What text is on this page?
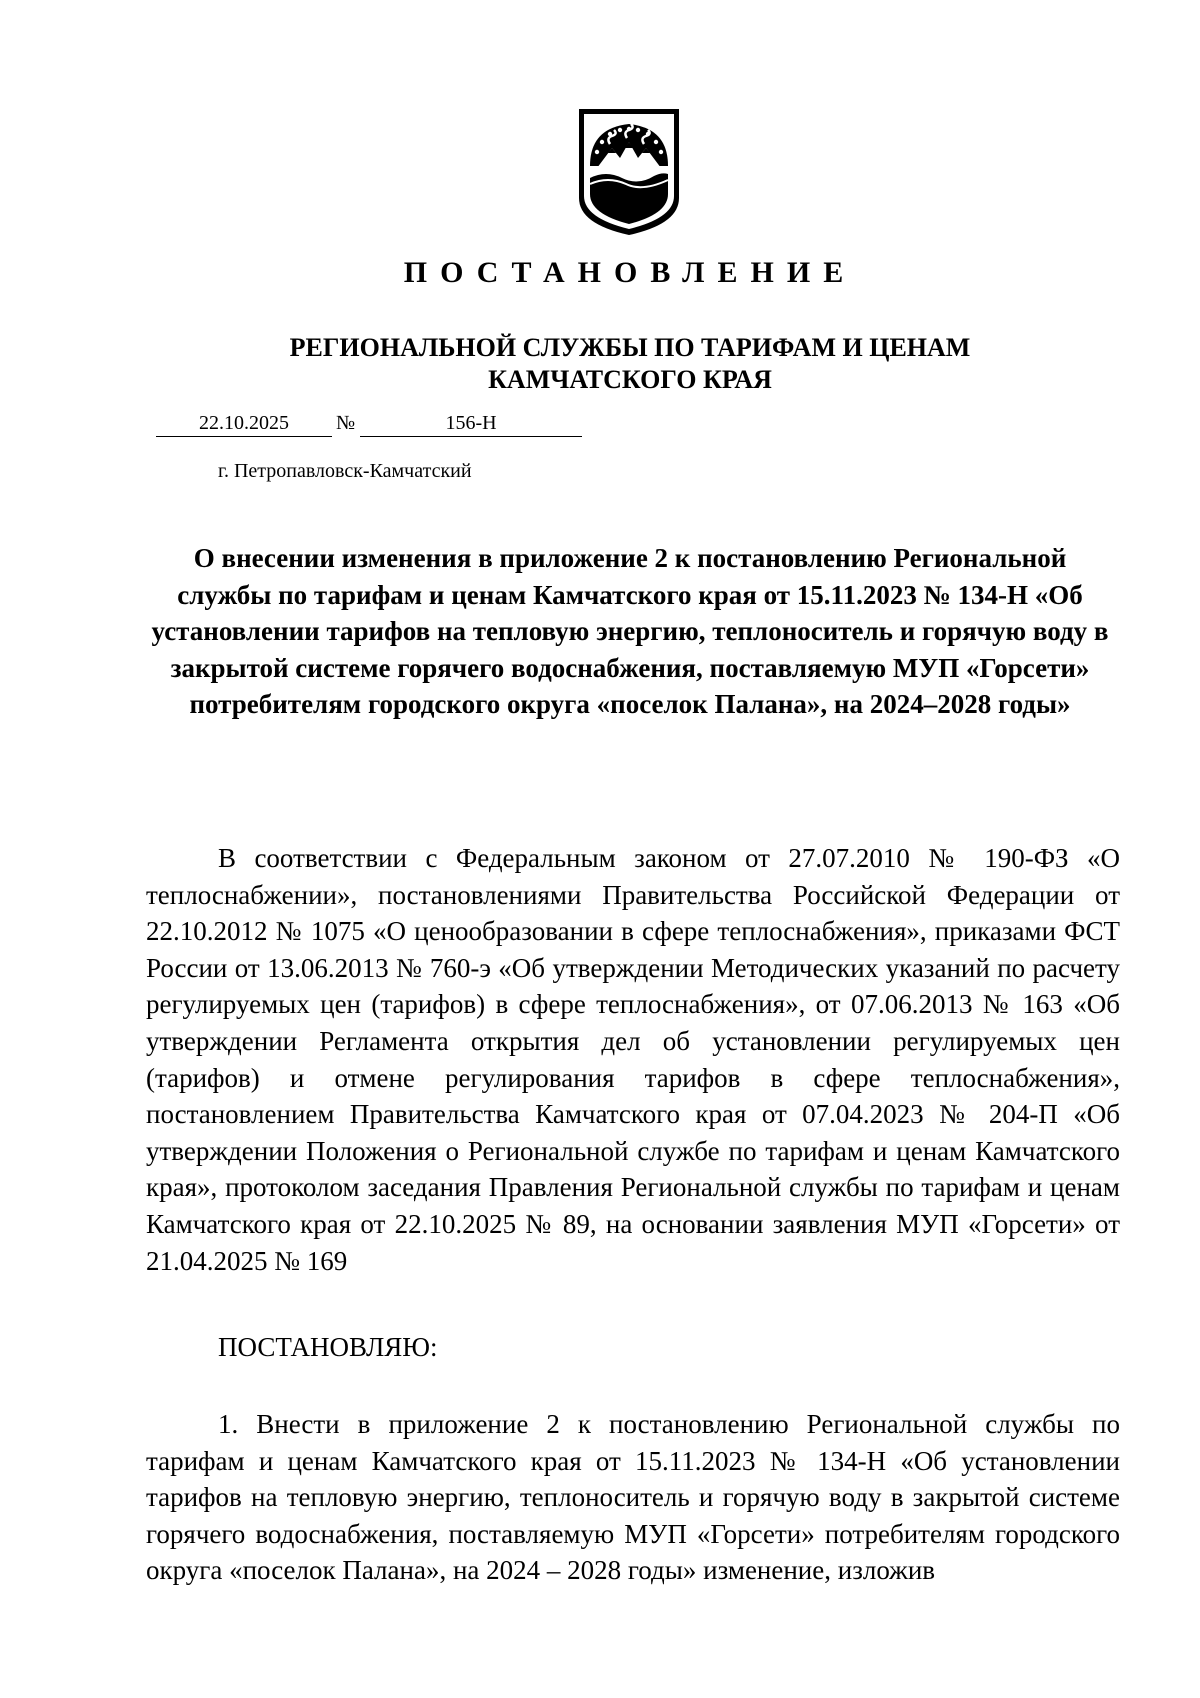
ПОСТАНОВЛЕНИЕ
РЕГИОНАЛЬНОЙ СЛУЖБЫ ПО ТАРИФАМ И ЦЕНАМ
КАМЧАТСКОГО КРАЯ
22.10.2025	№	156-Н
г. Петропавловск-Камчатский
О внесении изменения в приложение 2 к постановлению Региональной службы по тарифам и ценам Камчатского края от 15.11.2023 № 134-Н «Об установлении тарифов на тепловую энергию, теплоноситель и горячую воду в закрытой системе горячего водоснабжения, поставляемую МУП «Горсети» потребителям городского округа «поселок Палана», на 2024–2028 годы»

В соответствии с Федеральным законом от 27.07.2010 № 190-ФЗ «О теплоснабжении», постановлениями Правительства Российской Федерации от 22.10.2012 № 1075 «О ценообразовании в сфере теплоснабжения», приказами ФСТ России от 13.06.2013 № 760-э «Об утверждении Методических указаний по расчету регулируемых цен (тарифов) в сфере теплоснабжения», от 07.06.2013 № 163 «Об утверждении Регламента открытия дел об установлении регулируемых цен (тарифов) и отмене регулирования тарифов в сфере теплоснабжения», постановлением Правительства Камчатского края от 07.04.2023 № 204-П «Об утверждении Положения о Региональной службе по тарифам и ценам Камчатского края», протоколом заседания Правления Региональной службы по тарифам и ценам Камчатского края от 22.10.2025 № 89, на основании заявления МУП «Горсети» от 21.04.2025 № 169

ПОСТАНОВЛЯЮ:

1. Внести в приложение 2 к постановлению Региональной службы по тарифам и ценам Камчатского края от 15.11.2023 № 134-Н «Об установлении тарифов на тепловую энергию, теплоноситель и горячую воду в закрытой системе горячего водоснабжения, поставляемую МУП «Горсети» потребителям городского округа «поселок Палана», на 2024 – 2028 годы» изменение, изложив
